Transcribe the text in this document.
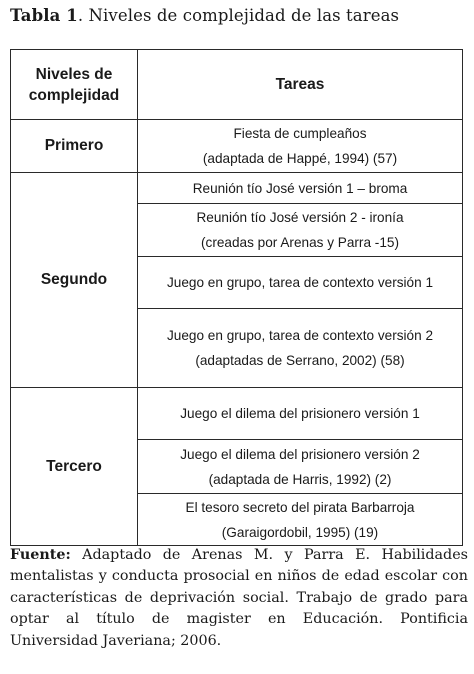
Tabla 1. Niveles de complejidad de las tareas
Niveles de
complejidad	Tareas
Primero	Fiesta de cumpleaños
(adaptada de Happé, 1994) (57)
Segundo	Reunión tío José versión 1 – broma
	Reunión tío José versión 2 - ironía
(creadas por Arenas y Parra -15)
	Juego en grupo, tarea de contexto versión 1
	Juego en grupo, tarea de contexto versión 2
(adaptadas de Serrano, 2002) (58)
Tercero	Juego el dilema del prisionero versión 1
	Juego el dilema del prisionero versión 2
(adaptada de Harris, 1992) (2)
	El tesoro secreto del pirata Barbarroja
(Garaigordobil, 1995) (19)
Fuente: Adaptado de Arenas M. y Parra E. Habilidades mentalistas y conducta prosocial en niños de edad escolar con características de deprivación social. Trabajo de grado para optar al título de magister en Educación. Pontificia Universidad Javeriana; 2006.
